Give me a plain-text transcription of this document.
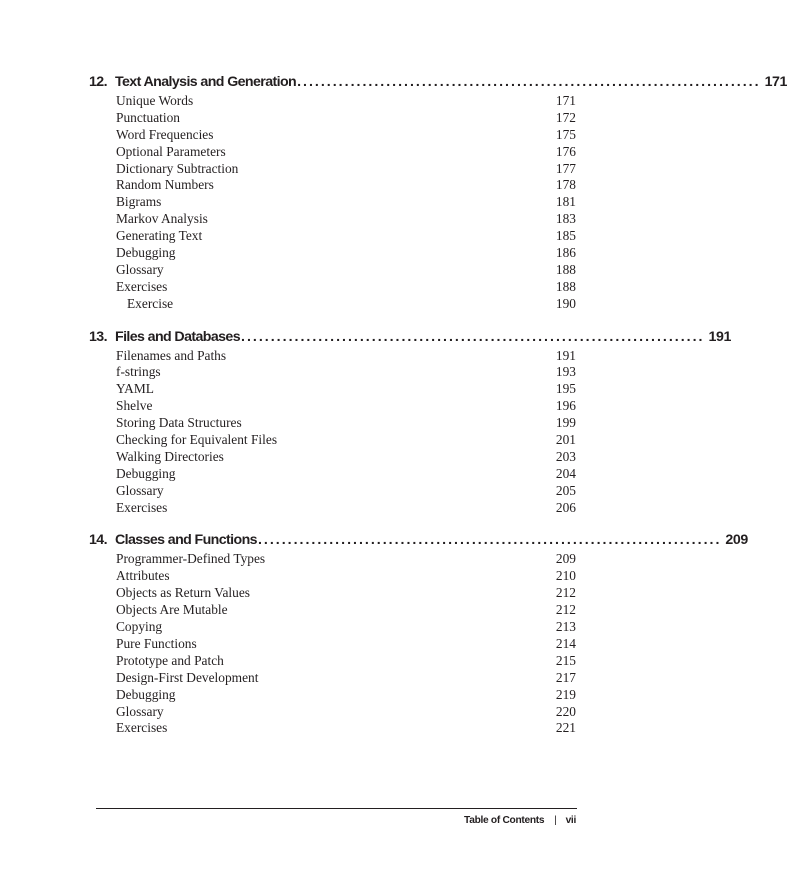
12. Text Analysis and Generation .............................................................................. 171
Unique Words	171
Punctuation	172
Word Frequencies	175
Optional Parameters	176
Dictionary Subtraction	177
Random Numbers	178
Bigrams	181
Markov Analysis	183
Generating Text	185
Debugging	186
Glossary	188
Exercises	188
Exercise	190
13. Files and Databases .............................................................................. 191
Filenames and Paths	191
f-strings	193
YAML	195
Shelve	196
Storing Data Structures	199
Checking for Equivalent Files	201
Walking Directories	203
Debugging	204
Glossary	205
Exercises	206
14. Classes and Functions .............................................................................. 209
Programmer-Defined Types	209
Attributes	210
Objects as Return Values	212
Objects Are Mutable	212
Copying	213
Pure Functions	214
Prototype and Patch	215
Design-First Development	217
Debugging	219
Glossary	220
Exercises	221
Table of Contents | vii
